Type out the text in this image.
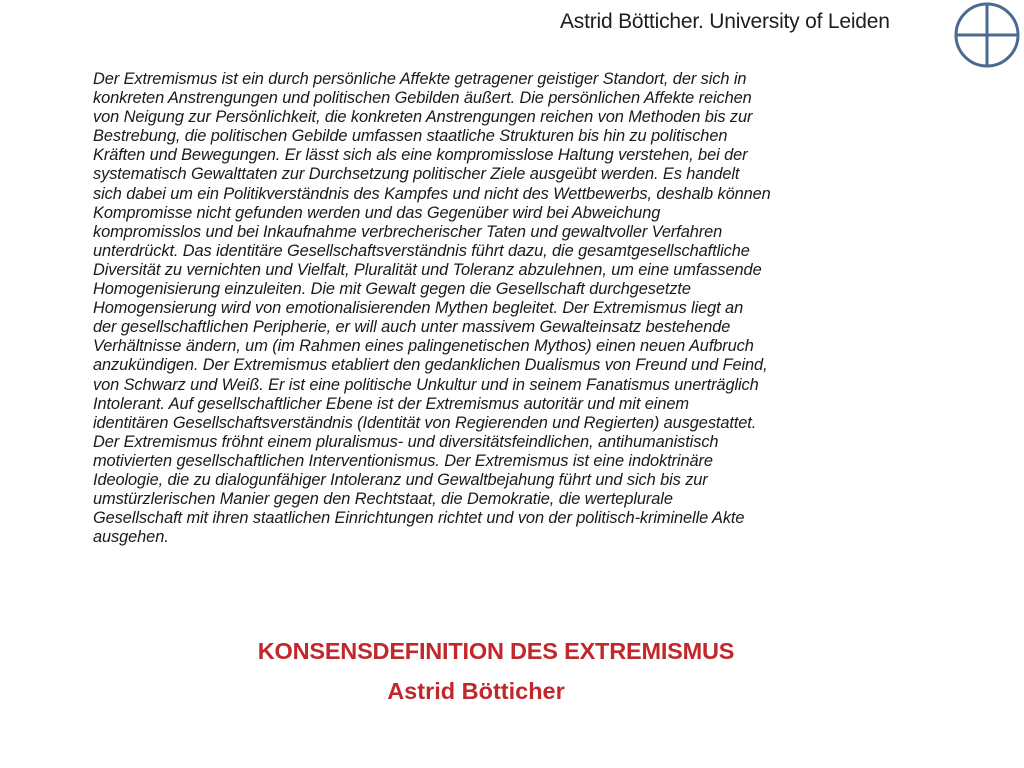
Astrid Bötticher. University of Leiden
Der Extremismus ist ein durch persönliche Affekte getragener geistiger Standort, der sich in
konkreten Anstrengungen und politischen Gebilden äußert. Die persönlichen Affekte reichen
von Neigung zur Persönlichkeit, die konkreten Anstrengungen reichen von Methoden bis zur
Bestrebung, die politischen Gebilde umfassen staatliche Strukturen bis hin zu politischen
Kräften und Bewegungen. Er lässt sich als eine kompromisslose Haltung verstehen, bei der
systematisch Gewalttaten zur Durchsetzung politischer Ziele ausgeübt werden. Es handelt
sich dabei um ein Politikverständnis des Kampfes und nicht des Wettbewerbs, deshalb können
Kompromisse nicht gefunden werden und das Gegenüber wird bei Abweichung
kompromisslos und bei Inkaufnahme verbrecherischer Taten und gewaltvoller Verfahren
unterdrückt. Das identitäre Gesellschaftsverständnis führt dazu, die gesamtgesellschaftliche
Diversität zu vernichten und Vielfalt, Pluralität und Toleranz abzulehnen, um eine umfassende
Homogenisierung einzuleiten. Die mit Gewalt gegen die Gesellschaft durchgesetzte
Homogensierung wird von emotionalisierenden Mythen begleitet. Der Extremismus liegt an
der gesellschaftlichen Peripherie, er will auch unter massivem Gewalteinsatz bestehende
Verhältnisse ändern, um (im Rahmen eines palingenetischen Mythos) einen neuen Aufbruch
anzukündigen. Der Extremismus etabliert den gedanklichen Dualismus von Freund und Feind,
von Schwarz und Weiß. Er ist eine politische Unkultur und in seinem Fanatismus unerträglich
Intolerant. Auf gesellschaftlicher Ebene ist der Extremismus autoritär und mit einem
identitären Gesellschaftsverständnis (Identität von Regierenden und Regierten) ausgestattet.
Der Extremismus fröhnt einem pluralismus- und diversitätsfeindlichen, antihumanistisch
motivierten gesellschaftlichen Interventionismus. Der Extremismus ist eine indoktrinäre
Ideologie, die zu dialogunfähiger Intoleranz und Gewaltbejahung führt und sich bis zur
umstürzlerischen Manier gegen den Rechtstaat, die Demokratie, die werteplurale
Gesellschaft mit ihren staatlichen Einrichtungen richtet und von der politisch-kriminelle Akte
ausgehen.
KONSENSDEFINITION DES EXTREMISMUS
Astrid Bötticher
